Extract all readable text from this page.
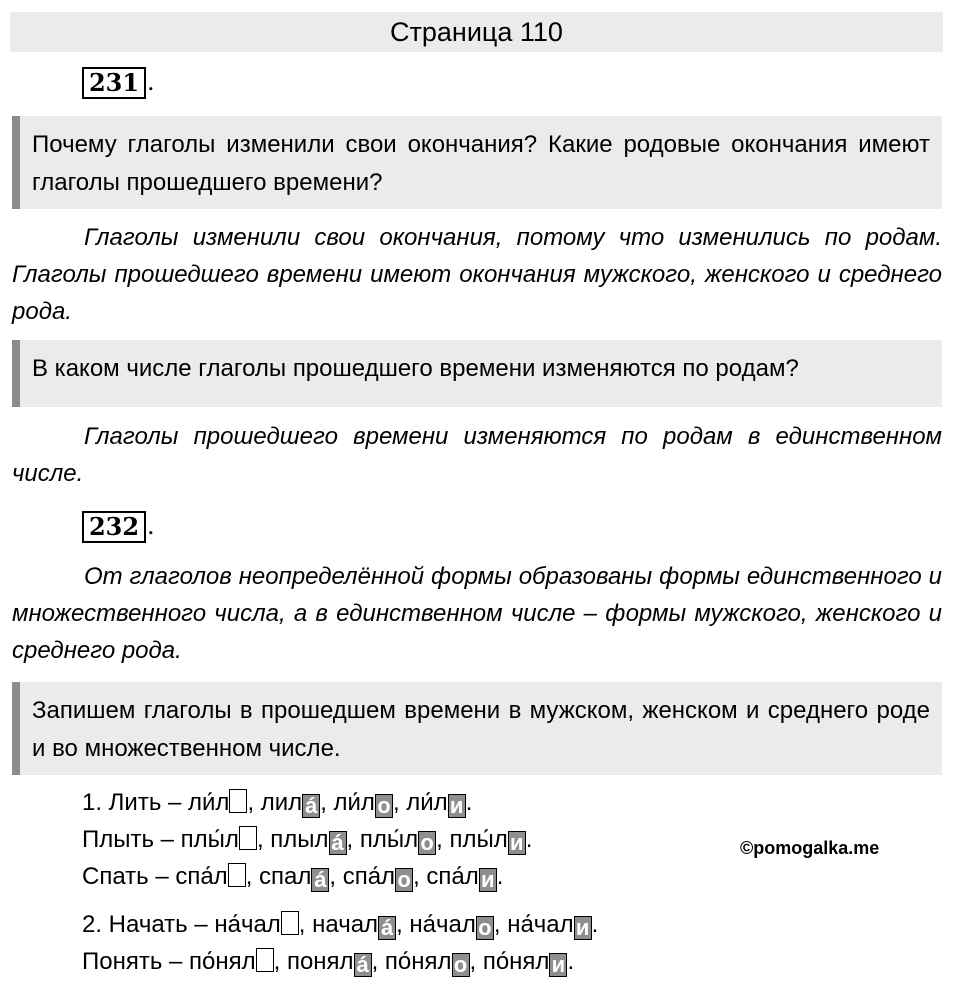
Страница 110
231 .
Почему глаголы изменили свои окончания? Какие родовые окончания имеют глаголы прошедшего времени?
Глаголы изменили свои окончания, потому что изменились по родам. Глаголы прошедшего времени имеют окончания мужского, женского и среднего рода.
В каком числе глаголы прошедшего времени изменяются по родам?
Глаголы прошедшего времени изменяются по родам в единственном числе.
232 .
От глаголов неопределённой формы образованы формы единственного и множественного числа, а в единственном числе – формы мужского, женского и среднего рода.
Запишем глаголы в прошедшем времени в мужском, женском и среднего роде и во множественном числе.
©pomogalka.me
1. Лить – ли́л , лил á , ли́л о, ли́л и.
Плыть – плы́л , плыл á , плы́л о, плы́л и.
Спать – спа́л , спал á , спа́л о, спа́л и.
2. Начать – на́чал , начал á , на́чал о, на́чал и.
Понять – по́нял , понял á , по́нял о, по́нял и.
